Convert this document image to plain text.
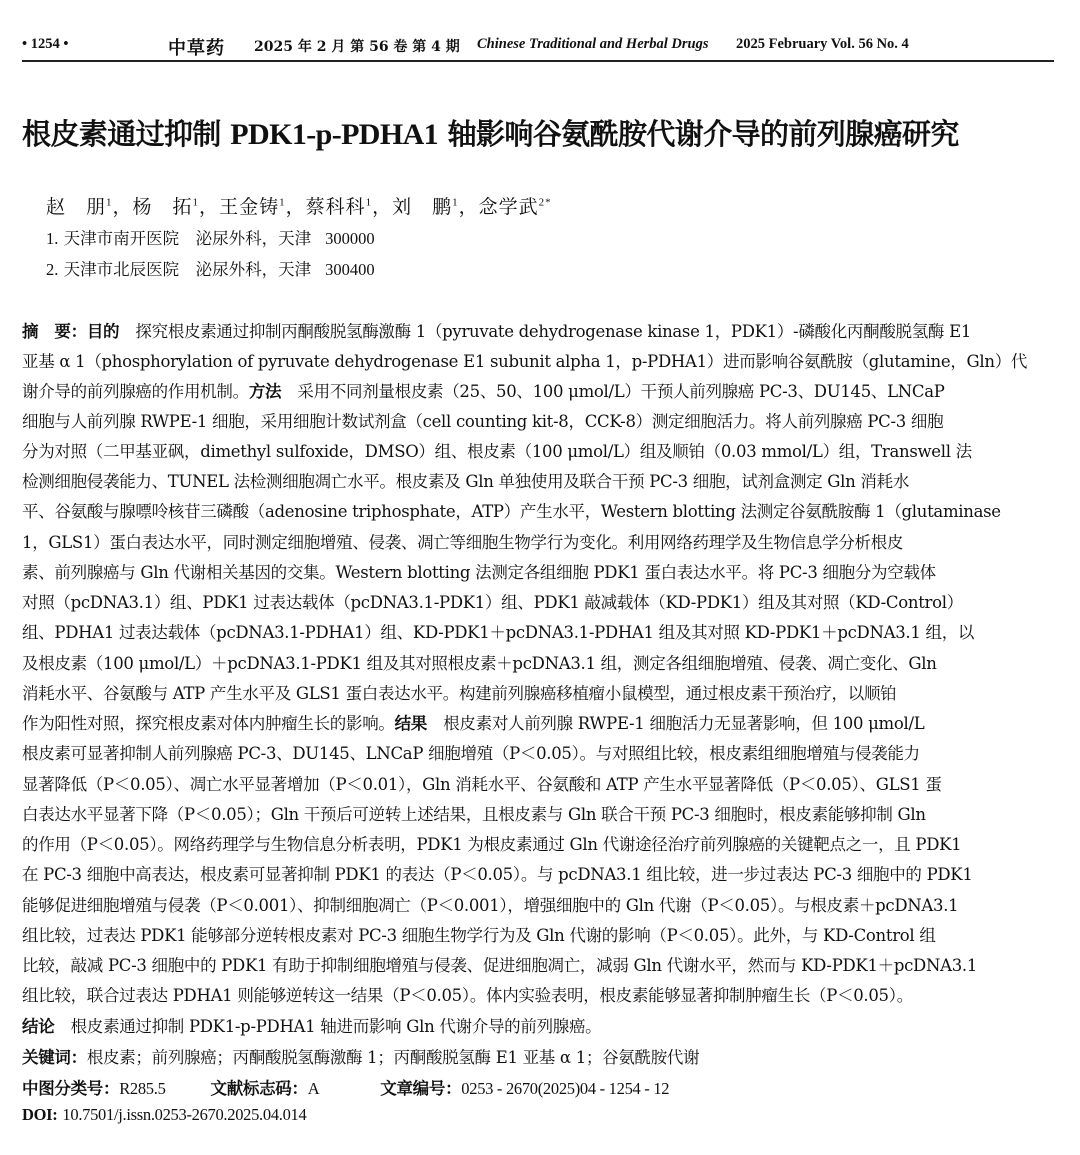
• 1254 •	中草药 2025 年 2 月 第 56 卷 第 4 期 Chinese Traditional and Herbal Drugs 2025 February Vol. 56 No. 4
根皮素通过抑制 PDK1-p-PDHA1 轴影响谷氨酰胺代谢介导的前列腺癌研究
赵　朋$^1$，杨　拓$^1$，王金铸$^1$，蔡科科$^1$，刘　鹏$^1$，念学武$^{2*}$
1. 天津市南开医院　泌尿外科，天津 300000
2. 天津市北辰医院　泌尿外科，天津 300400
摘　要：目的　 探究根皮素通过抑制丙酮酸脱氢酶激酶 1（pyruvate dehydrogenase kinase 1，PDK1）-磷酸化丙酮酸脱氢酶 E1
亚基 α 1（phosphorylation of pyruvate dehydrogenase E1 subunit alpha 1，p-PDHA1）进而影响谷氨酰胺（glutamine，Gln）代
谢介导的前列腺癌的作用机制。方法　 采用不同剂量根皮素（25、50、100 μmol/L）干预人前列腺癌 PC-3、DU145、LNCaP
细胞与人前列腺 RWPE-1 细胞，采用细胞计数试剂盒（cell counting kit-8，CCK-8）测定细胞活力。将人前列腺癌 PC-3 细胞
分为对照（二甲基亚砜，dimethyl sulfoxide，DMSO）组、根皮素（100 μmol/L）组及顺铂（0.03 mmol/L）组，Transwell 法
检测细胞侵袭能力、TUNEL 法检测细胞凋亡水平。根皮素及 Gln 单独使用及联合干预 PC-3 细胞，试剂盒测定 Gln 消耗水
平、谷氨酸与腺嘌呤核苷三磷酸（adenosine triphosphate，ATP）产生水平，Western blotting 法测定谷氨酰胺酶 1（glutaminase
1，GLS1）蛋白表达水平，同时测定细胞增殖、侵袭、凋亡等细胞生物学行为变化。利用网络药理学及生物信息学分析根皮
素、前列腺癌与 Gln 代谢相关基因的交集。Western blotting 法测定各组细胞 PDK1 蛋白表达水平。将 PC-3 细胞分为空载体
对照（pcDNA3.1）组、PDK1 过表达载体（pcDNA3.1-PDK1）组、PDK1 敲减载体（KD-PDK1）组及其对照（KD-Control）
组、PDHA1 过表达载体（pcDNA3.1-PDHA1）组、KD-PDK1＋pcDNA3.1-PDHA1 组及其对照 KD-PDK1＋pcDNA3.1 组，以
及根皮素（100 μmol/L）＋pcDNA3.1-PDK1 组及其对照根皮素＋pcDNA3.1 组，测定各组细胞增殖、侵袭、凋亡变化、Gln
消耗水平、谷氨酸与 ATP 产生水平及 GLS1 蛋白表达水平。构建前列腺癌移植瘤小鼠模型，通过根皮素干预治疗，以顺铂
作为阳性对照，探究根皮素对体内肿瘤生长的影响。结果　 根皮素对人前列腺 RWPE-1 细胞活力无显著影响，但 100 μmol/L
根皮素可显著抑制人前列腺癌 PC-3、DU145、LNCaP 细胞增殖（P＜0.05）。与对照组比较，根皮素组细胞增殖与侵袭能力
显著降低（P＜0.05）、凋亡水平显著增加（P＜0.01），Gln 消耗水平、谷氨酸和 ATP 产生水平显著降低（P＜0.05）、GLS1 蛋
白表达水平显著下降（P＜0.05）；Gln 干预后可逆转上述结果，且根皮素与 Gln 联合干预 PC-3 细胞时，根皮素能够抑制 Gln
的作用（P＜0.05）。网络药理学与生物信息分析表明，PDK1 为根皮素通过 Gln 代谢途径治疗前列腺癌的关键靶点之一，且 PDK1
在 PC-3 细胞中高表达，根皮素可显著抑制 PDK1 的表达（P＜0.05）。与 pcDNA3.1 组比较，进一步过表达 PC-3 细胞中的 PDK1
能够促进细胞增殖与侵袭（P＜0.001）、抑制细胞凋亡（P＜0.001），增强细胞中的 Gln 代谢（P＜0.05）。与根皮素＋pcDNA3.1
组比较，过表达 PDK1 能够部分逆转根皮素对 PC-3 细胞生物学行为及 Gln 代谢的影响（P＜0.05）。此外，与 KD-Control 组
比较，敲减 PC-3 细胞中的 PDK1 有助于抑制细胞增殖与侵袭、促进细胞凋亡，减弱 Gln 代谢水平，然而与 KD-PDK1＋pcDNA3.1
组比较，联合过表达 PDHA1 则能够逆转这一结果（P＜0.05）。体内实验表明，根皮素能够显著抑制肿瘤生长（P＜0.05）。
结论　 根皮素通过抑制 PDK1-p-PDHA1 轴进而影响 Gln 代谢介导的前列腺癌。
关键词：根皮素；前列腺癌；丙酮酸脱氢酶激酶 1；丙酮酸脱氢酶 E1 亚基 α 1；谷氨酰胺代谢
中图分类号：R285.5	文献标志码：A	文章编号：0253 - 2670(2025)04 - 1254 - 12
DOI: 10.7501/j.issn.0253-2670.2025.04.014
